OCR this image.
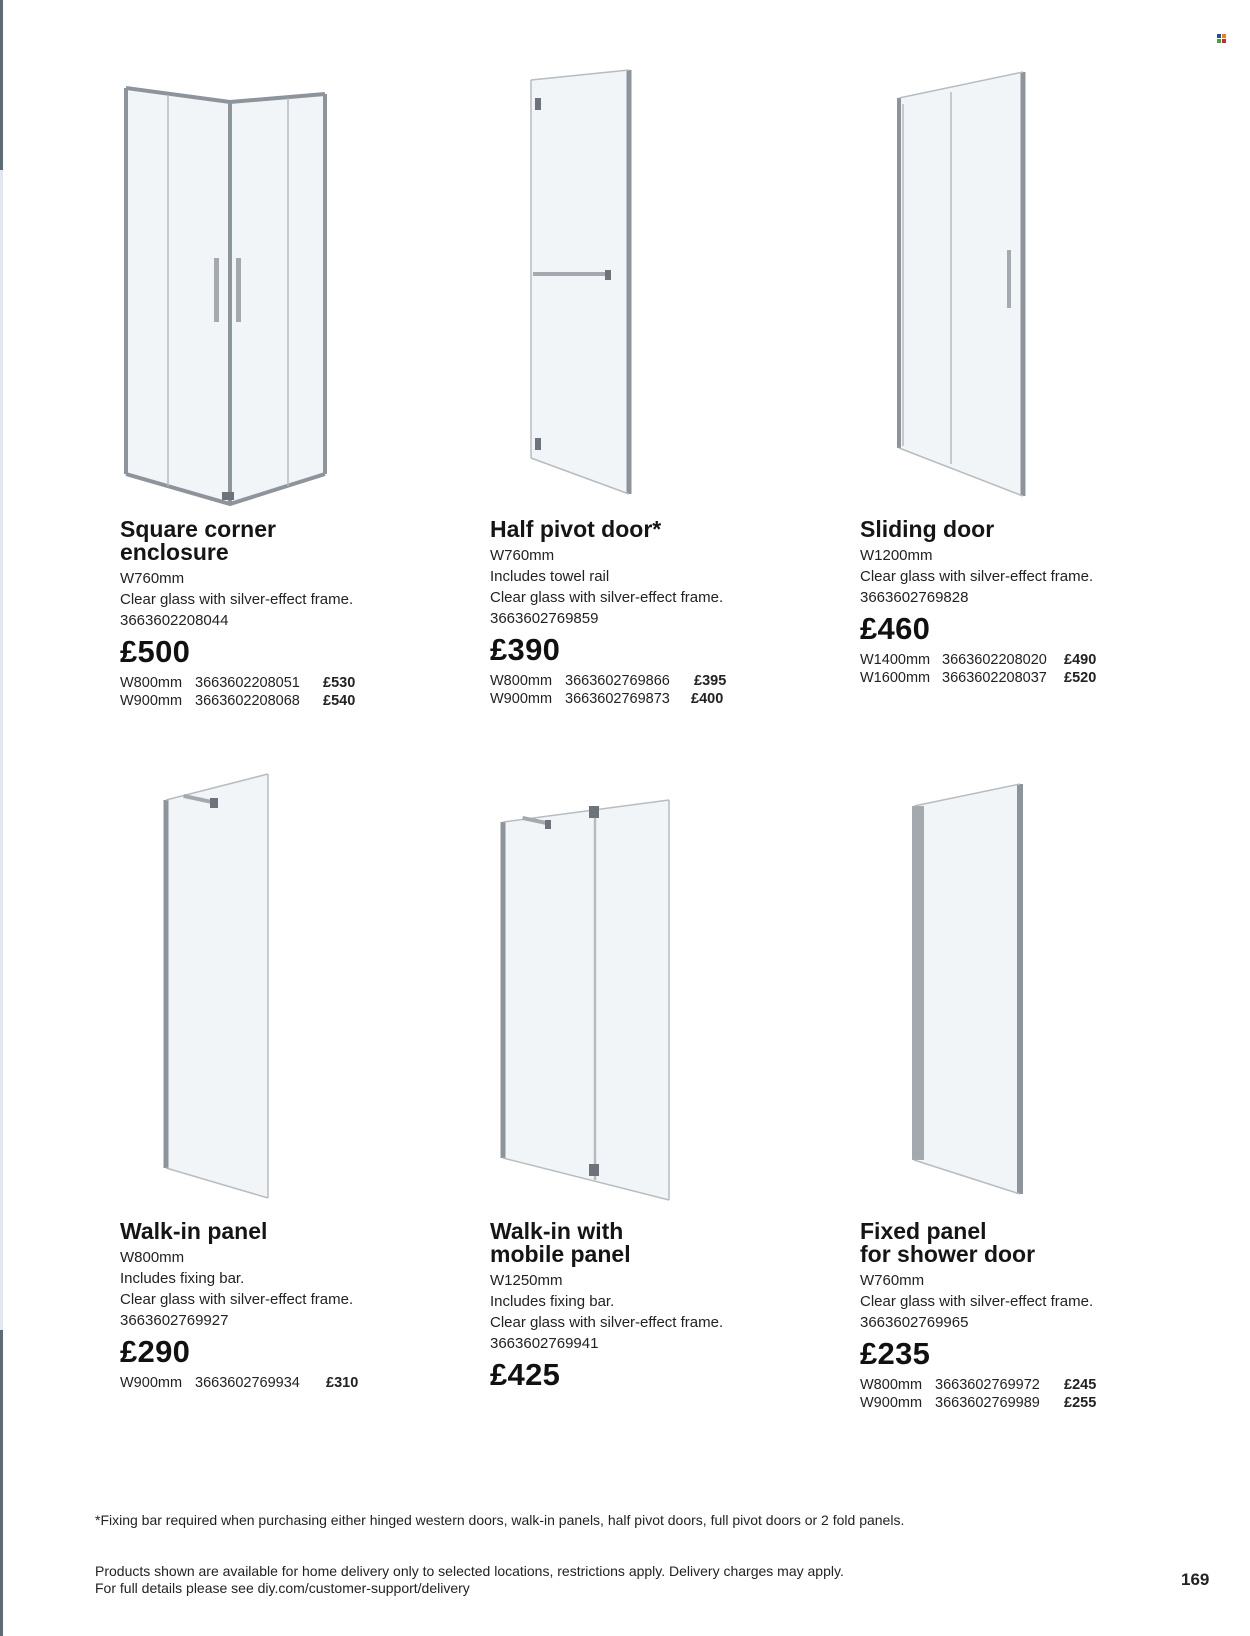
Square corner
enclosure
W760mm
Clear glass with silver-effect frame.
3663602208044
£500
W800mm 3663602208051 £530
W900mm 3663602208068 £540
Half pivot door*
W760mm
Includes towel rail
Clear glass with silver-effect frame.
3663602769859
£390
W800mm 3663602769866 £395
W900mm 3663602769873 £400
Sliding door
W1200mm
Clear glass with silver-effect frame.
3663602769828
£460
W1400mm 3663602208020 £490
W1600mm 3663602208037 £520
Walk-in panel
W800mm
Includes fixing bar.
Clear glass with silver-effect frame.
3663602769927
£290
W900mm 3663602769934 £310
Walk-in with
mobile panel
W1250mm
Includes fixing bar.
Clear glass with silver-effect frame.
3663602769941
£425
Fixed panel
for shower door
W760mm
Clear glass with silver-effect frame.
3663602769965
£235
W800mm 3663602769972 £245
W900mm 3663602769989 £255
*Fixing bar required when purchasing either hinged western doors, walk-in panels, half pivot doors, full pivot doors or 2 fold panels.
Products shown are available for home delivery only to selected locations, restrictions apply. Delivery charges may apply.
For full details please see diy.com/customer-support/delivery	169
